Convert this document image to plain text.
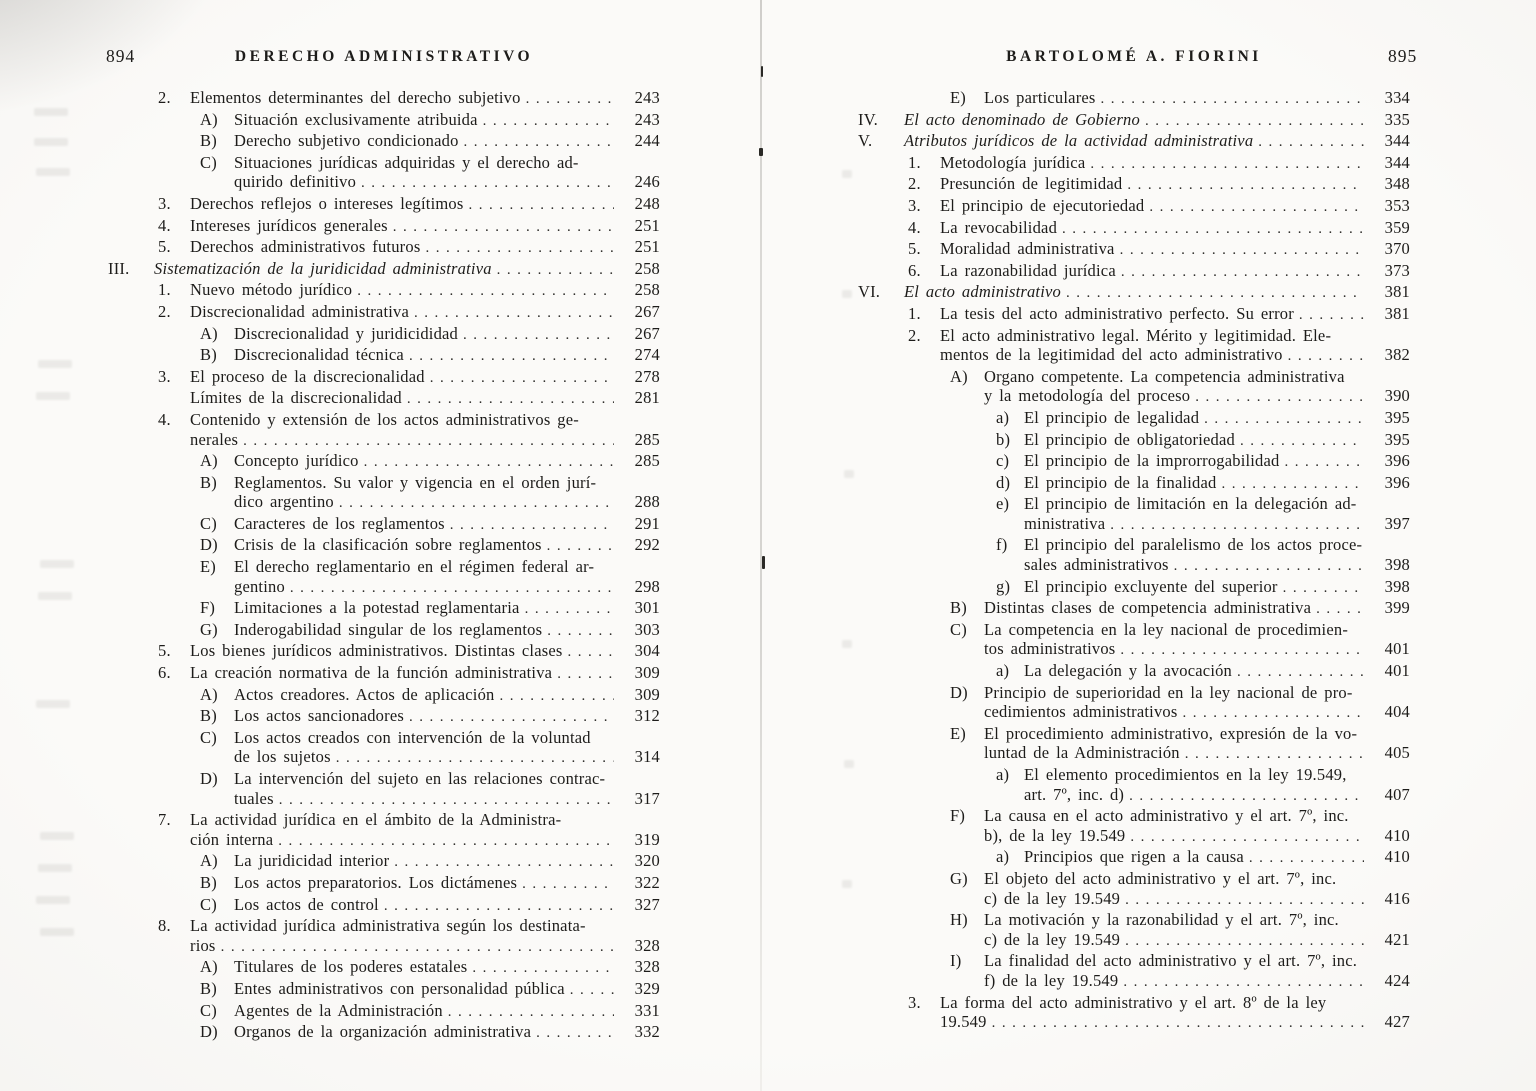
894	DERECHO ADMINISTRATIVO	BARTOLOMÉ A. FIORINI	895
2.	Elementos determinantes del derecho subjetivo .....	243
A) Situación exclusivamente atribuida .....	243
B)	Derecho subjetivo condicionado .....	244
C)	Situaciones jurídicas adquiridas y el derecho ad-
quirido definitivo .....	246
3.	Derechos reflejos o intereses legítimos .....	248
4.	Intereses jurídicos generales .....	251
5.	Derechos administrativos futuros .....	251
III.	Sistematización de la juridicidad administrativa .....	258
1.	Nuevo método jurídico .....	258
2.	Discrecionalidad administrativa .....	267
A) Discrecionalidad y juridicididad .....	267
B)	Discrecionalidad técnica .....	274
3.	El proceso de la discrecionalidad .....	278
Límites de la discrecionalidad .....	281
4.	Contenido y extensión de los actos administrativos ge-
nerales .....	285
A) Concepto jurídico .....	285
B)	Reglamentos. Su valor y vigencia en el orden jurí-
dico argentino .....	288
C)	Caracteres de los reglamentos .....	291
D) Crisis de la clasificación sobre reglamentos .....	292
E)	El derecho reglamentario en el régimen federal ar-
gentino .....	298
F)	Limitaciones a la potestad reglamentaria .....	301
G) Inderogabilidad singular de los reglamentos .....	303
5.	Los bienes jurídicos administrativos. Distintas clases .....	304
6.	La creación normativa de la función administrativa .....	309
A) Actos creadores. Actos de aplicación .....	309
B)	Los actos sancionadores .....	312
C)	Los actos creados con intervención de la voluntad
de los sujetos .....	314
D) La intervención del sujeto en las relaciones contrac-
tuales .....	317
7.	La actividad jurídica en el ámbito de la Administra-
ción interna .....	319
A) La juridicidad interior .....	320
B)	Los actos preparatorios. Los dictámenes .....	322
C)	Los actos de control .....	327
8.	La actividad jurídica administrativa según los destinata-
rios .....	328
A) Titulares de los poderes estatales .....	328
B)	Entes administrativos con personalidad pública .....	329
C)	Agentes de la Administración .....	331
D) Organos de la organización administrativa .....	332
E)	Los particulares .....	334
IV.	El acto denominado de Gobierno .....	335
V.	Atributos jurídicos de la actividad administrativa .....	344
1.	Metodología jurídica .....	344
2.	Presunción de legitimidad .....	348
3.	El principio de ejecutoriedad .....	353
4.	La revocabilidad .....	359
5.	Moralidad administrativa .....	370
6.	La razonabilidad jurídica .....	373
VI.	El acto administrativo .....	381
1.	La tesis del acto administrativo perfecto. Su error .....	381
2.	El acto administrativo legal. Mérito y legitimidad. Ele-
mentos de la legitimidad del acto administrativo .....	382
A) Organo competente. La competencia administrativa
y la metodología del proceso .....	390
a) El principio de legalidad .....	395
b) El principio de obligatoriedad .....	395
c) El principio de la improrrogabilidad .....	396
d) El principio de la finalidad .....	396
e) El principio de limitación en la delegación ad-
ministrativa .....	397
f)	El principio del paralelismo de los actos proce-
sales administrativos .....	398
g) El principio excluyente del superior .....	398
B)	Distintas clases de competencia administrativa .....	399
C)	La competencia en la ley nacional de procedimien-
tos administrativos .....	401
a) La delegación y la avocación .....	401
D) Principio de superioridad en la ley nacional de pro-
cedimientos administrativos .....	404
E)	El procedimiento administrativo, expresión de la vo-
luntad de la Administración .....	405
a) El elemento procedimientos en la ley 19.549,
art. 7º, inc. d) .....	407
F)	La causa en el acto administrativo y el art. 7º, inc.
b), de la ley 19.549 .....	410
a) Principios que rigen a la causa .....	410
G) El objeto del acto administrativo y el art. 7º, inc.
c) de la ley 19.549 .....	416
H) La motivación y la razonabilidad y el art. 7º, inc.
c) de la ley 19.549 .....	421
I)	La finalidad del acto administrativo y el art. 7º, inc.
f) de la ley 19.549 .....	424
3.	La forma del acto administrativo y el art. 8º de la ley
19.549 .....	427
